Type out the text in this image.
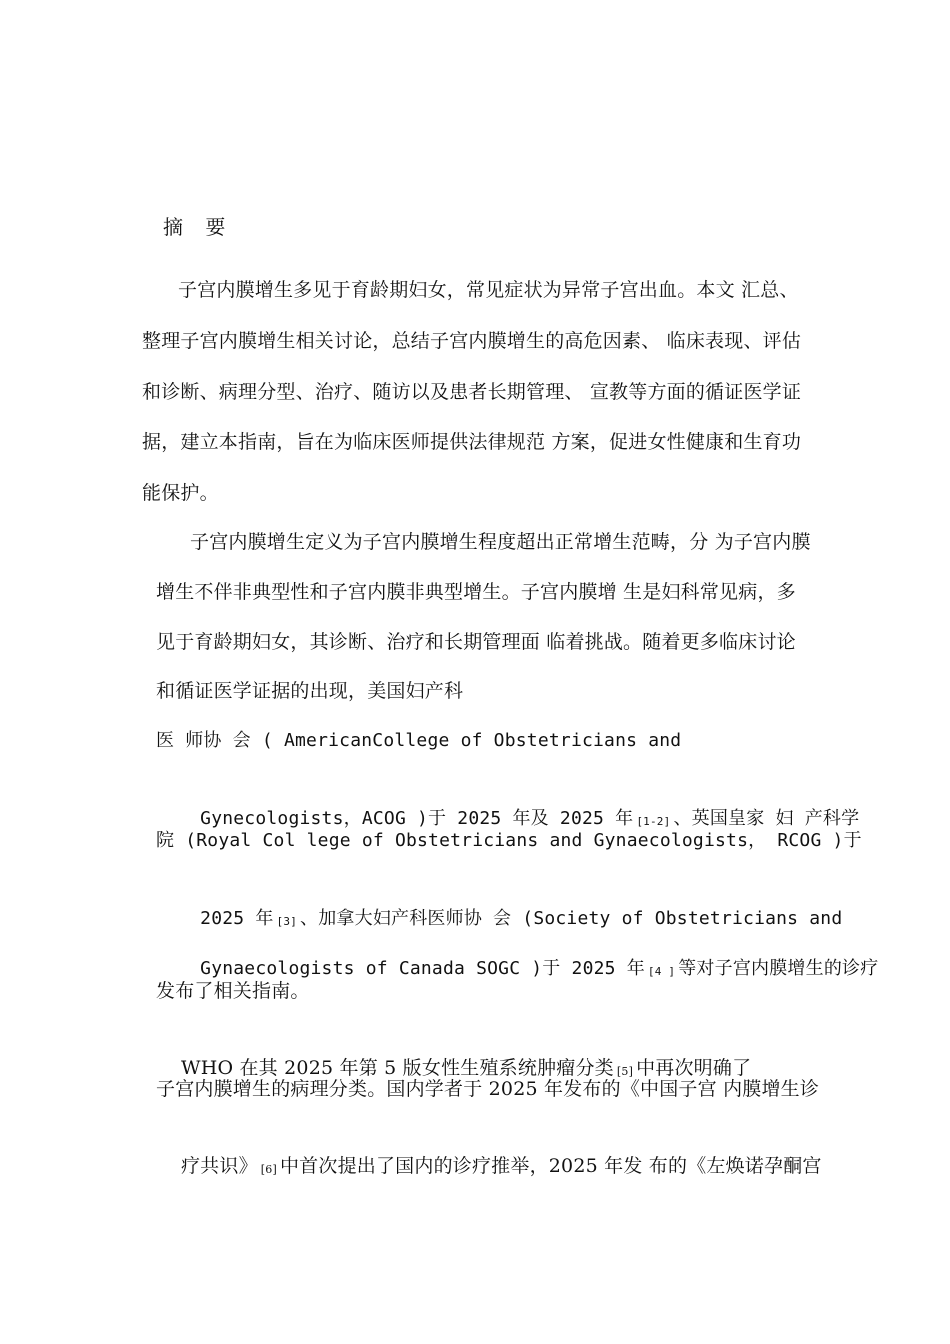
摘 要
子宫内膜增生多见于育龄期妇女，常见症状为异常子宫出血。本文 汇总、
整理子宫内膜增生相关讨论，总结子宫内膜增生的高危因素、 临床表现、评估
和诊断、病理分型、治疗、随访以及患者长期管理、 宣教等方面的循证医学证
据，建立本指南，旨在为临床医师提供法律规范 方案，促进女性健康和生育功
能保护。
子宫内膜增生定义为子宫内膜增生程度超出正常增生范畴，分 为子宫内膜
增生不伴非典型性和子宫内膜非典型增生。子宫内膜增 生是妇科常见病，多
见于育龄期妇女，其诊断、治疗和长期管理面 临着挑战。随着更多临床讨论
和循证医学证据的出现，美国妇产科
医 师协 会 ( AmericanCollege of Obstetricians and

Gynecologists，ACOG )于 2025 年及 2025 年 [1-2] 、英国皇家 妇 产科学

院 (Royal Col lege of Obstetricians and Gynaecologists， RCOG )于

2025 年 [3] 、加拿大妇产科医师协 会 (Society of Obstetricians and

Gynaecologists of Canada SOGC )于 2025 年 [4 ] 等对子宫内膜增生的诊疗

发布了相关指南。

WHO 在其 2025 年第 5 版女性生殖系统肿瘤分类 [5] 中再次明确了

子宫内膜增生的病理分类。国内学者于 2025 年发布的《中国子宫 内膜增生诊

疗共识》 [6] 中首次提出了国内的诊疗推举，2025 年发 布的《左焕诺孕酮宫
